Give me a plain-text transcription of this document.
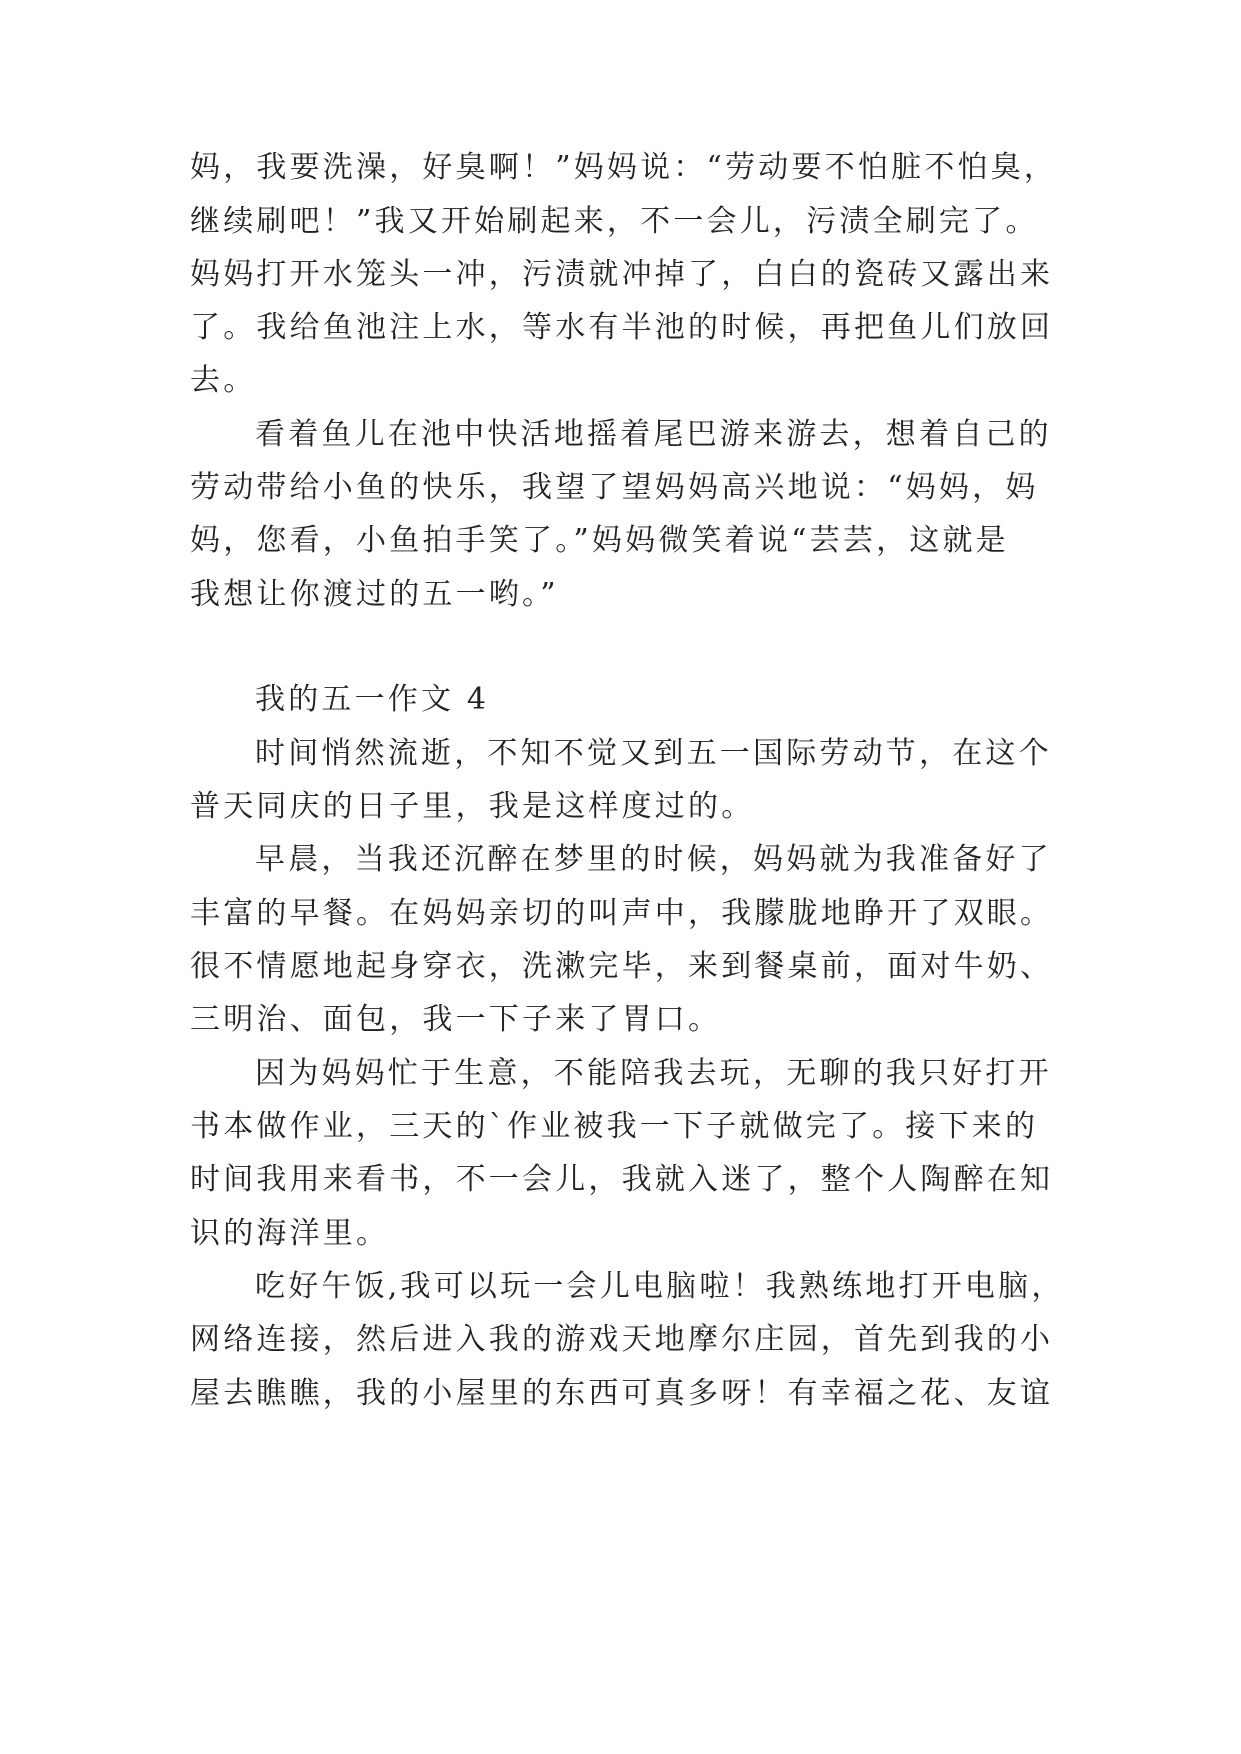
妈，我要洗澡，好臭啊！”妈妈说：“劳动要不怕脏不怕臭，
继续刷吧！”我又开始刷起来，不一会儿，污渍全刷完了。
妈妈打开水笼头一冲，污渍就冲掉了，白白的瓷砖又露出来
了。我给鱼池注上水，等水有半池的时候，再把鱼儿们放回
去。
看着鱼儿在池中快活地摇着尾巴游来游去，想着自己的
劳动带给小鱼的快乐，我望了望妈妈高兴地说：“妈妈，妈
妈，您看，小鱼拍手笑了。”妈妈微笑着说“芸芸，这就是
我想让你渡过的五一哟。”
我的五一作文 4
时间悄然流逝，不知不觉又到五一国际劳动节，在这个
普天同庆的日子里，我是这样度过的。
早晨，当我还沉醉在梦里的时候，妈妈就为我准备好了
丰富的早餐。在妈妈亲切的叫声中，我朦胧地睁开了双眼。
很不情愿地起身穿衣，洗漱完毕，来到餐桌前，面对牛奶、
三明治、面包，我一下子来了胃口。
因为妈妈忙于生意，不能陪我去玩，无聊的我只好打开
书本做作业，三天的`作业被我一下子就做完了。接下来的
时间我用来看书，不一会儿，我就入迷了，整个人陶醉在知
识的海洋里。
吃好午饭,我可以玩一会儿电脑啦！我熟练地打开电脑，
网络连接，然后进入我的游戏天地摩尔庄园，首先到我的小
屋去瞧瞧，我的小屋里的东西可真多呀！有幸福之花、友谊
